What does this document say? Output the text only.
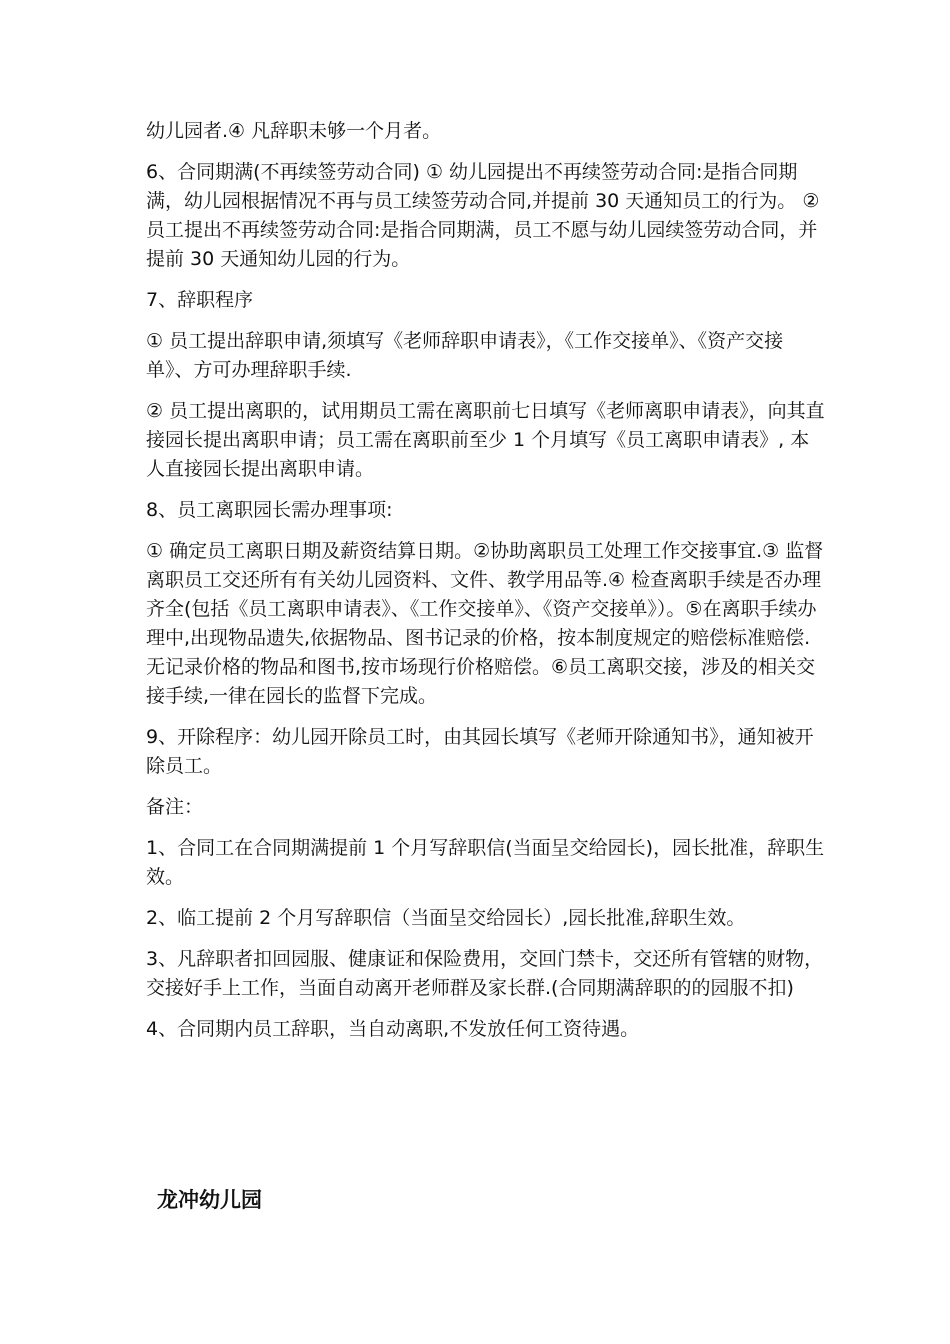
幼儿园者.④ 凡辞职未够一个月者。

6、合同期满(不再续签劳动合同) ① 幼儿园提出不再续签劳动合同:是指合同期满，幼儿园根据情况不再与员工续签劳动合同,并提前 30 天通知员工的行为。 ②员工提出不再续签劳动合同:是指合同期满，员工不愿与幼儿园续签劳动合同，并提前 30 天通知幼儿园的行为。

7、辞职程序

① 员工提出辞职申请,须填写《老师辞职申请表》，《工作交接单》、《资产交接单》、方可办理辞职手续.

② 员工提出离职的，试用期员工需在离职前七日填写《老师离职申请表》，向其直接园长提出离职申请；员工需在离职前至少 1 个月填写《员工离职申请表》, 本人直接园长提出离职申请。

8、员工离职园长需办理事项:

① 确定员工离职日期及薪资结算日期。②协助离职员工处理工作交接事宜.③ 监督离职员工交还所有有关幼儿园资料、文件、教学用品等.④ 检查离职手续是否办理齐全(包括《员工离职申请表》、《工作交接单》、《资产交接单》）。⑤在离职手续办理中,出现物品遗失,依据物品、图书记录的价格，按本制度规定的赔偿标准赔偿.无记录价格的物品和图书,按市场现行价格赔偿。⑥员工离职交接，涉及的相关交接手续,一律在园长的监督下完成。

9、开除程序：幼儿园开除员工时，由其园长填写《老师开除通知书》，通知被开除员工。

备注：

1、合同工在合同期满提前 1 个月写辞职信(当面呈交给园长)，园长批准，辞职生效。

2、临工提前 2 个月写辞职信（当面呈交给园长）,园长批准,辞职生效。

3、凡辞职者扣回园服、健康证和保险费用，交回门禁卡，交还所有管辖的财物，交接好手上工作，当面自动离开老师群及家长群.(合同期满辞职的的园服不扣)

4、合同期内员工辞职，当自动离职,不发放任何工资待遇。

龙冲幼儿园
